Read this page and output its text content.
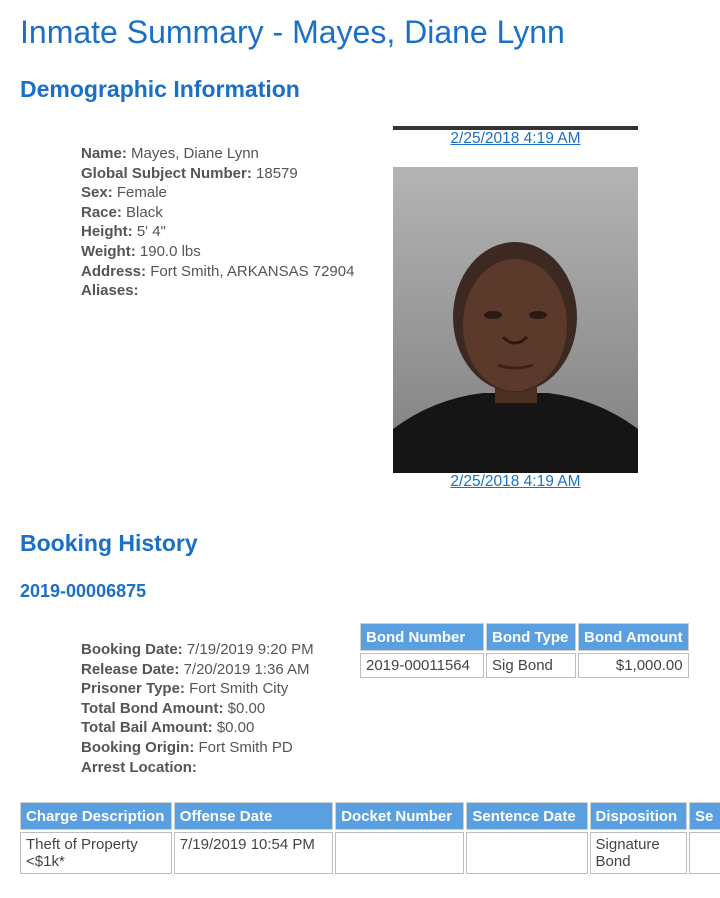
Inmate Summary - Mayes, Diane Lynn
Demographic Information
Name: Mayes, Diane Lynn
Global Subject Number: 18579
Sex: Female
Race: Black
Height: 5' 4"
Weight: 190.0 lbs
Address: Fort Smith, ARKANSAS 72904
Aliases:
2/25/2018 4:19 AM
2/25/2018 4:19 AM
Booking History
2019-00006875
Booking Date: 7/19/2019 9:20 PM
Release Date: 7/20/2019 1:36 AM
Prisoner Type: Fort Smith City
Total Bond Amount: $0.00
Total Bail Amount: $0.00
Booking Origin: Fort Smith PD
Arrest Location:
Bond Number	Bond Type	Bond Amount
2019-00011564	Sig Bond	$1,000.00
Charge Description	Offense Date	Docket Number	Sentence Date	Disposition	Se
Theft of Property <$1k*	7/19/2019 10:54 PM			Signature Bond	
